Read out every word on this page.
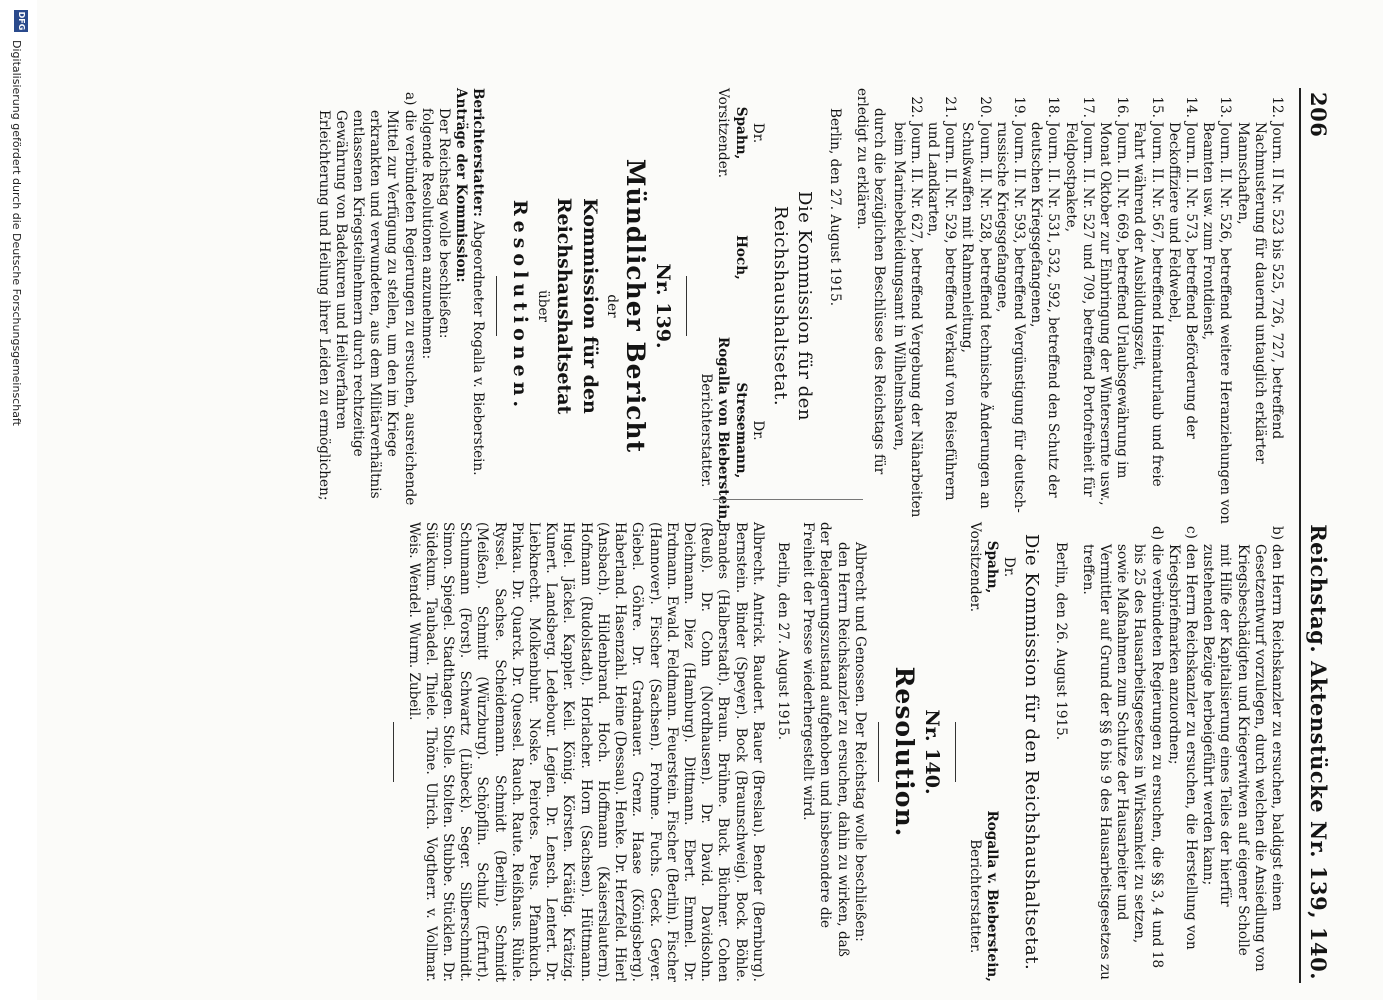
206
Reichstag. Aktenstücke Nr. 139, 140.

12.
Journ. II Nr. 523 bis 525, 726, 727, betreffend Nachmusterung für dauernd untauglich erklärter Mannschaften,

13.
Journ. II. Nr. 526, betreffend weitere Heranziehungen von Beamten usw. zum Frontdienst,

14.
Journ. II. Nr. 573, betreffend Beförderung der Deckoffiziere und Feldwebel,

15.
Journ. II. Nr. 567, betreffend Heimaturlaub und freie Fahrt während der Ausbildungszeit,

16.
Journ. II. Nr. 669, betreffend Urlaubsgewährung im Monat Oktober zur Einbringung der Wintersernte usw.,

17.
Journ. II. Nr. 527 und 709, betreffend Portofreiheit für Feldpostpakete,

18.
Journ. II. Nr. 531, 532, 592, betreffend den Schutz der deutschen Kriegsgefangenen,

19.
Journ. II. Nr. 593, betreffend Vergünstigung für deutsch-russische Kriegsgefangene,

20.
Journ. II. Nr. 528, betreffend technische Änderungen an Schußwaffen mit Rahmenleitung,

21.
Journ. II. Nr. 529, betreffend Verkauf von Reiseführern und Landkarten,

22.
Journ. II. Nr. 627, betreffend Vergebung der Näharbeiten beim Marinebekleidungsamt in Wilhelmshaven,

durch die bezüglichen Beschlüsse des Reichstags für erledigt zu erklären.

Berlin, den 27. August 1915.

Die Kommission für den Reichshaushaltsetat.

Dr.
Spahn,
Vorsitzender.
Hoch,
Dr.
Stresemann,
Rogalla von Bieberstein,
Berichterstatter.

Nr. 139.

Mündlicher Bericht

der

Kommission für den Reichshaushaltsetat

über

Resolutionen.

Berichterstatter: Abgeordneter Rogalla v. Bieberstein.

Anträge der Kommission:

Der Reichstag wolle beschließen:

folgende Resolutionen anzunehmen:

a)
die verbündeten Regierungen zu ersuchen, ausreichende Mittel zur Verfügung zu stellen, um den im Kriege erkrankten und verwundeten, aus dem Militärverhältnis entlassenen Kriegsteilnehmern durch rechtzeitige Gewährung von Badekuren und Heilverfahren Erleichterung und Heilung ihrer Leiden zu ermöglichen;

b)
den Herrn Reichskanzler zu ersuchen, baldigst einen Gesetzentwurf vorzulegen, durch welchen die Ansiedlung von Kriegsbeschädigten und Kriegerwitwen auf eigener Scholle mit Hilfe der Kapitalisierung eines Teiles der hierfür zustehenden Bezüge herbeigeführt werden kann;

c)
den Herrn Reichskanzler zu ersuchen, die Herstellung von Kriegsbriefmarken anzuordnen;

d)
die verbündeten Regierungen zu ersuchen, die §§ 3, 4 und 18 bis 25 des Hausarbeitsgesetzes in Wirksamkeit zu setzen, sowie Maßnahmen zum Schutze der Hausarbeiter und Vermittler auf Grund der §§ 6 bis 9 des Hausarbeitsgesetzes zu treffen.

Berlin, den 26. August 1915.

Die Kommission für den Reichshaushaltsetat.

Dr.
Spahn,
Vorsitzender.
Rogalla v. Bieberstein,
Berichterstatter.

Nr. 140.

Resolution.

Albrecht und Genossen. Der Reichstag wolle beschließen:

den Herrn Reichskanzler zu ersuchen, dahin zu wirken, daß der Belagerungszustand aufgehoben und insbesondere die Freiheit der Presse wiederhergestellt wird.

Berlin, den 27. August 1915.

Albrecht. Antrick. Baudert. Bauer (Breslau). Bender (Bernburg). Bernstein. Binder (Speyer). Bock (Braunschweig). Bock. Böhle. Brandes (Halberstadt). Braun. Brühne. Buck. Büchner. Cohen (Reuß). Dr. Cohn (Nordhausen). Dr. David. Davidsohn. Deichmann. Diez (Hamburg). Dittmann. Ebert. Emmel. Dr. Erdmann. Ewald. Feldmann. Feuerstein. Fischer (Berlin). Fischer (Hannover). Fischer (Sachsen). Frohme. Fuchs. Geck. Geyer. Giebel. Göhre. Dr. Gradnauer. Grenz. Haase (Königsberg). Haberland. Hasenzahl. Heine (Dessau). Henke. Dr. Herzfeld. Hierl (Ansbach). Hildenbrand. Hoch. Hoffmann (Kaiserslautern). Hofmann (Rudolstadt). Horlacher. Horn (Sachsen). Hüttmann. Hugel. Jäckel. Kappler. Keil. König. Körsten. Kräätig. Krätzig. Kunert. Landsberg. Ledebour. Legien. Dr. Lensch. Lentert. Dr. Liebknecht. Molkenbuhr. Noske. Peirotes. Peus. Pfannkuch. Pinkau. Dr. Quarck. Dr. Quessel. Rauch. Raute. Reißhaus. Rühle. Ryssel. Sachse. Scheidemann. Schmidt (Berlin). Schmidt (Meißen). Schmitt (Würzburg). Schöpflin. Schulz (Erfurt). Schumann (Forst). Schwartz (Lübeck). Seger. Silberschmidt. Simon. Spiegel. Stadthagen. Stolle. Stolten. Stubbe. Stücklen. Dr. Südekum. Taubadel. Thiele. Thöne. Ulrich. Vogtherr. v. Vollmar. Weis. Wendel. Wurm. Zubeil.

DFG
Digitalisierung gefördert durch die Deutsche Forschungsgemeinschaft
